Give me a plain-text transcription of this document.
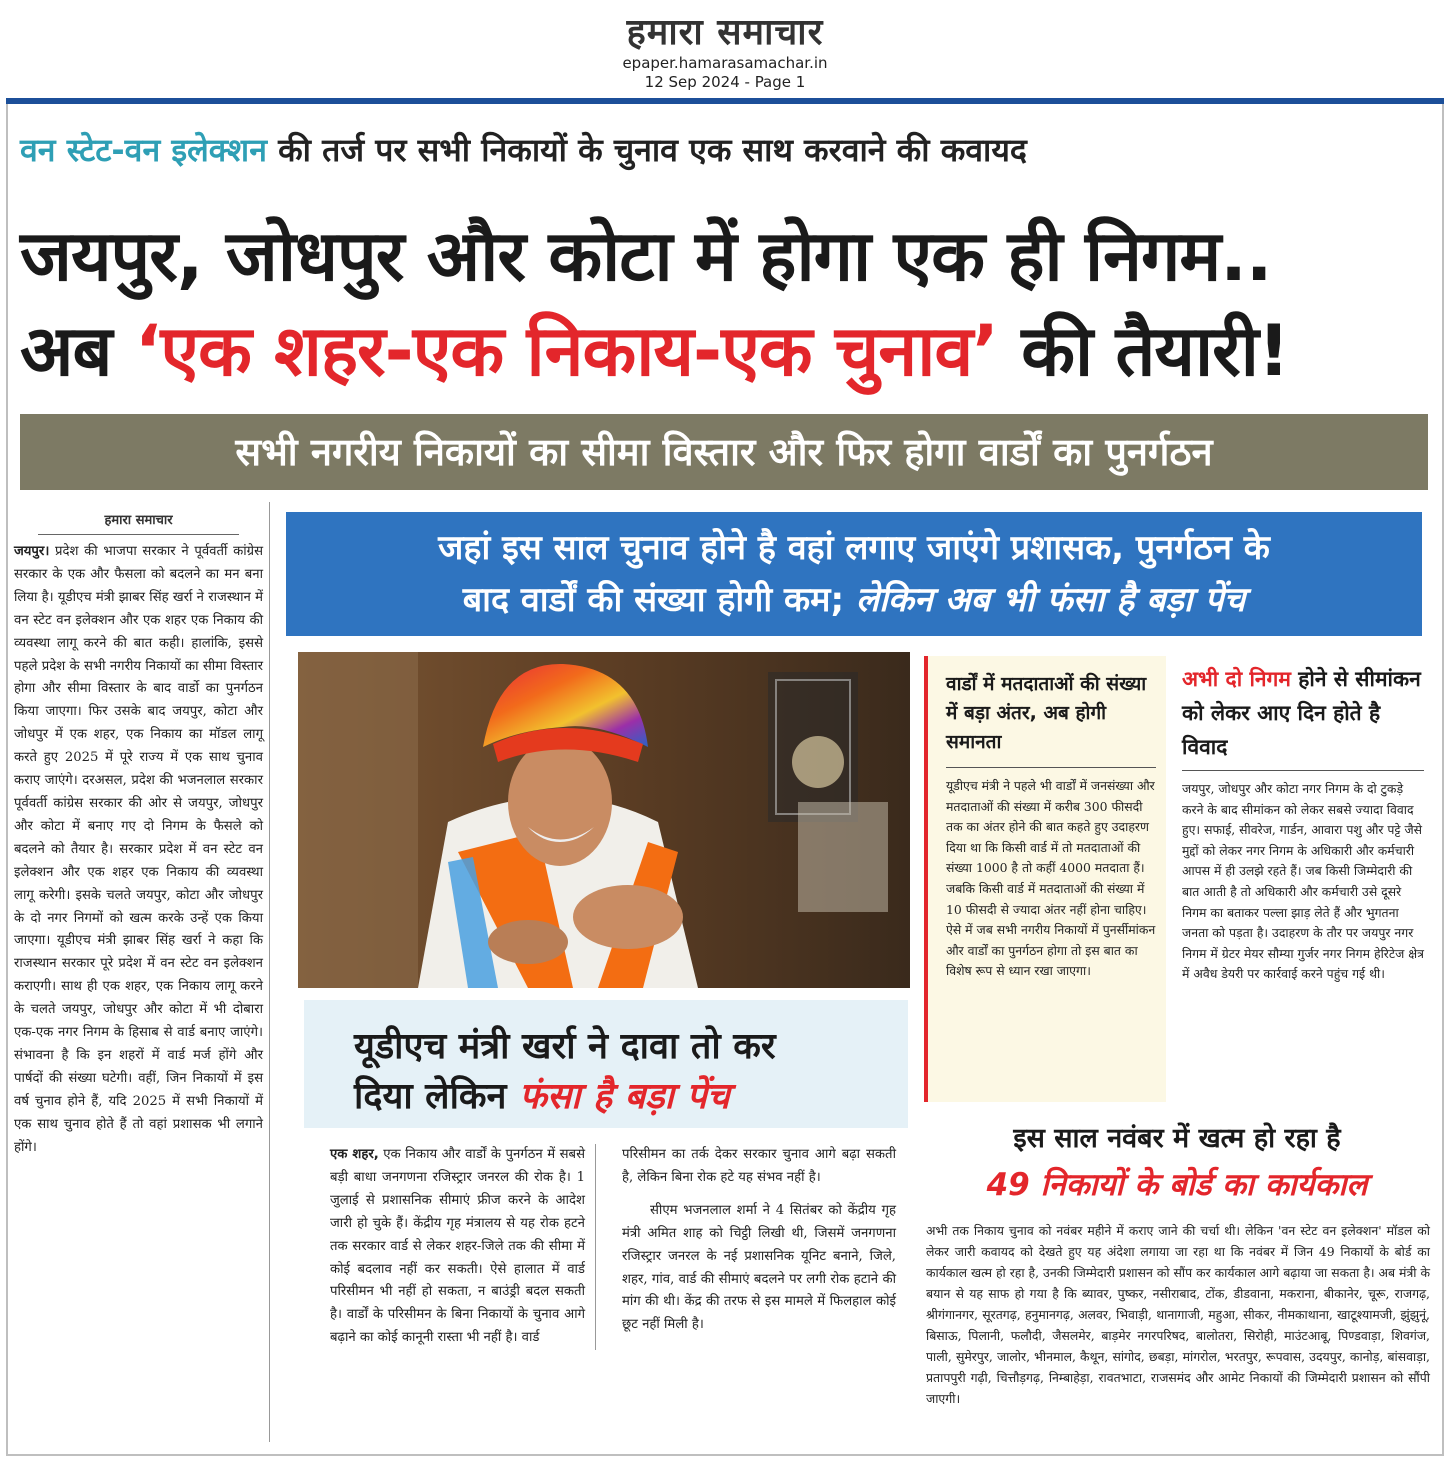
हमारा समाचार
epaper.hamarasamachar.in
12 Sep 2024 - Page 1
वन स्टेट-वन इलेक्शन की तर्ज पर सभी निकायों के चुनाव एक साथ करवाने की कवायद
जयपुर, जोधपुर और कोटा में होगा एक ही निगम..
अब ‘एक शहर-एक निकाय-एक चुनाव’ की तैयारी!
सभी नगरीय निकायों का सीमा विस्तार और फिर होगा वार्डों का पुनर्गठन
हमारा समाचार
जयपुर। प्रदेश की भाजपा सरकार ने पूर्ववर्ती कांग्रेस सरकार के एक और फैसला को बदलने का मन बना लिया है। यूडीएच मंत्री झाबर सिंह खर्रा ने राजस्थान में वन स्टेट वन इलेक्शन और एक शहर एक निकाय की व्यवस्था लागू करने की बात कही। हालांकि, इससे पहले प्रदेश के सभी नगरीय निकायों का सीमा विस्तार होगा और सीमा विस्तार के बाद वार्डो का पुनर्गठन किया जाएगा। फिर उसके बाद जयपुर, कोटा और जोधपुर में एक शहर, एक निकाय का मॉडल लागू करते हुए 2025 में पूरे राज्य में एक साथ चुनाव कराए जाएंगे। दरअसल, प्रदेश की भजनलाल सरकार पूर्ववर्ती कांग्रेस सरकार की ओर से जयपुर, जोधपुर और कोटा में बनाए गए दो निगम के फैसले को बदलने को तैयार है। सरकार प्रदेश में वन स्टेट वन इलेक्शन और एक शहर एक निकाय की व्यवस्था लागू करेगी। इसके चलते जयपुर, कोटा और जोधपुर के दो नगर निगमों को खत्म करके उन्हें एक किया जाएगा। यूडीएच मंत्री झाबर सिंह खर्रा ने कहा कि राजस्थान सरकार पूरे प्रदेश में वन स्टेट वन इलेक्शन कराएगी। साथ ही एक शहर, एक निकाय लागू करने के चलते जयपुर, जोधपुर और कोटा में भी दोबारा एक-एक नगर निगम के हिसाब से वार्ड बनाए जाएंगे। संभावना है कि इन शहरों में वार्ड मर्ज होंगे और पार्षदों की संख्या घटेगी। वहीं, जिन निकायों में इस वर्ष चुनाव होने हैं, यदि 2025 में सभी निकायों में एक साथ चुनाव होते हैं तो वहां प्रशासक भी लगाने होंगे।
जहां इस साल चुनाव होने है वहां लगाए जाएंगे प्रशासक, पुनर्गठन के
बाद वार्डों की संख्या होगी कम; लेकिन अब भी फंसा है बड़ा पेंच
यूडीएच मंत्री खर्रा ने दावा तो कर
दिया लेकिन फंसा है बड़ा पेंच
एक शहर, एक निकाय और वार्डों के पुनर्गठन में सबसे बड़ी बाधा जनगणना रजिस्ट्रार जनरल की रोक है। 1 जुलाई से प्रशासनिक सीमाएं फ्रीज करने के आदेश जारी हो चुके हैं। केंद्रीय गृह मंत्रालय से यह रोक हटने तक सरकार वार्ड से लेकर शहर-जिले तक की सीमा में कोई बदलाव नहीं कर सकती। ऐसे हालात में वार्ड परिसीमन भी नहीं हो सकता, न बाउंड्री बदल सकती है। वार्डों के परिसीमन के बिना निकायों के चुनाव आगे बढ़ाने का कोई कानूनी रास्ता भी नहीं है। वार्ड

परिसीमन का तर्क देकर सरकार चुनाव आगे बढ़ा सकती है, लेकिन बिना रोक हटे यह संभव नहीं है।

सीएम भजनलाल शर्मा ने 4 सितंबर को केंद्रीय गृह मंत्री अमित शाह को चिट्ठी लिखी थी, जिसमें जनगणना रजिस्ट्रार जनरल के नई प्रशासनिक यूनिट बनाने, जिले, शहर, गांव, वार्ड की सीमाएं बदलने पर लगी रोक हटाने की मांग की थी। केंद्र की तरफ से इस मामले में फिलहाल कोई छूट नहीं मिली है।

वार्डों में मतदाताओं की संख्या में बड़ा अंतर, अब होगी समानता
यूडीएच मंत्री ने पहले भी वार्डों में जनसंख्या और मतदाताओं की संख्या में करीब 300 फीसदी तक का अंतर होने की बात कहते हुए उदाहरण दिया था कि किसी वार्ड में तो मतदाताओं की संख्या 1000 है तो कहीं 4000 मतदाता हैं। जबकि किसी वार्ड में मतदाताओं की संख्या में 10 फीसदी से ज्यादा अंतर नहीं होना चाहिए। ऐसे में जब सभी नगरीय निकायों में पुनर्सीमांकन और वार्डों का पुनर्गठन होगा तो इस बात का विशेष रूप से ध्यान रखा जाएगा।
अभी दो निगम होने से सीमांकन को लेकर आए दिन होते है विवाद
जयपुर, जोधपुर और कोटा नगर निगम के दो टुकड़े करने के बाद सीमांकन को लेकर सबसे ज्यादा विवाद हुए। सफाई, सीवरेज, गार्डन, आवारा पशु और पट्टे जैसे मुद्दों को लेकर नगर निगम के अधिकारी और कर्मचारी आपस में ही उलझे रहते हैं। जब किसी जिम्मेदारी की बात आती है तो अधिकारी और कर्मचारी उसे दूसरे निगम का बताकर पल्ला झाड़ लेते हैं और भुगतना जनता को पड़ता है। उदाहरण के तौर पर जयपुर नगर निगम में ग्रेटर मेयर सौम्या गुर्जर नगर निगम हेरिटेज क्षेत्र में अवैध डेयरी पर कार्रवाई करने पहुंच गई थी।
इस साल नवंबर में खत्म हो रहा है
49 निकायों के बोर्ड का कार्यकाल
अभी तक निकाय चुनाव को नवंबर महीने में कराए जाने की चर्चा थी। लेकिन 'वन स्टेट वन इलेक्शन' मॉडल को लेकर जारी कवायद को देखते हुए यह अंदेशा लगाया जा रहा था कि नवंबर में जिन 49 निकायों के बोर्ड का कार्यकाल खत्म हो रहा है, उनकी जिम्मेदारी प्रशासन को सौंप कर कार्यकाल आगे बढ़ाया जा सकता है। अब मंत्री के बयान से यह साफ हो गया है कि ब्यावर, पुष्कर, नसीराबाद, टोंक, डीडवाना, मकराना, बीकानेर, चूरू, राजगढ़, श्रीगंगानगर, सूरतगढ़, हनुमानगढ़, अलवर, भिवाड़ी, थानागाजी, महुआ, सीकर, नीमकाथाना, खाटूश्यामजी, झुंझुनूं, बिसाऊ, पिलानी, फलौदी, जैसलमेर, बाड़मेर नगरपरिषद, बालोतरा, सिरोही, माउंटआबू, पिण्डवाड़ा, शिवगंज, पाली, सुमेरपुर, जालोर, भीनमाल, कैथून, सांगोद, छबड़ा, मांगरोल, भरतपुर, रूपवास, उदयपुर, कानोड़, बांसवाड़ा, प्रतापपुरी गढ़ी, चित्तौड़गढ़, निम्बाहेड़ा, रावतभाटा, राजसमंद और आमेट निकायों की जिम्मेदारी प्रशासन को सौंपी जाएगी।
